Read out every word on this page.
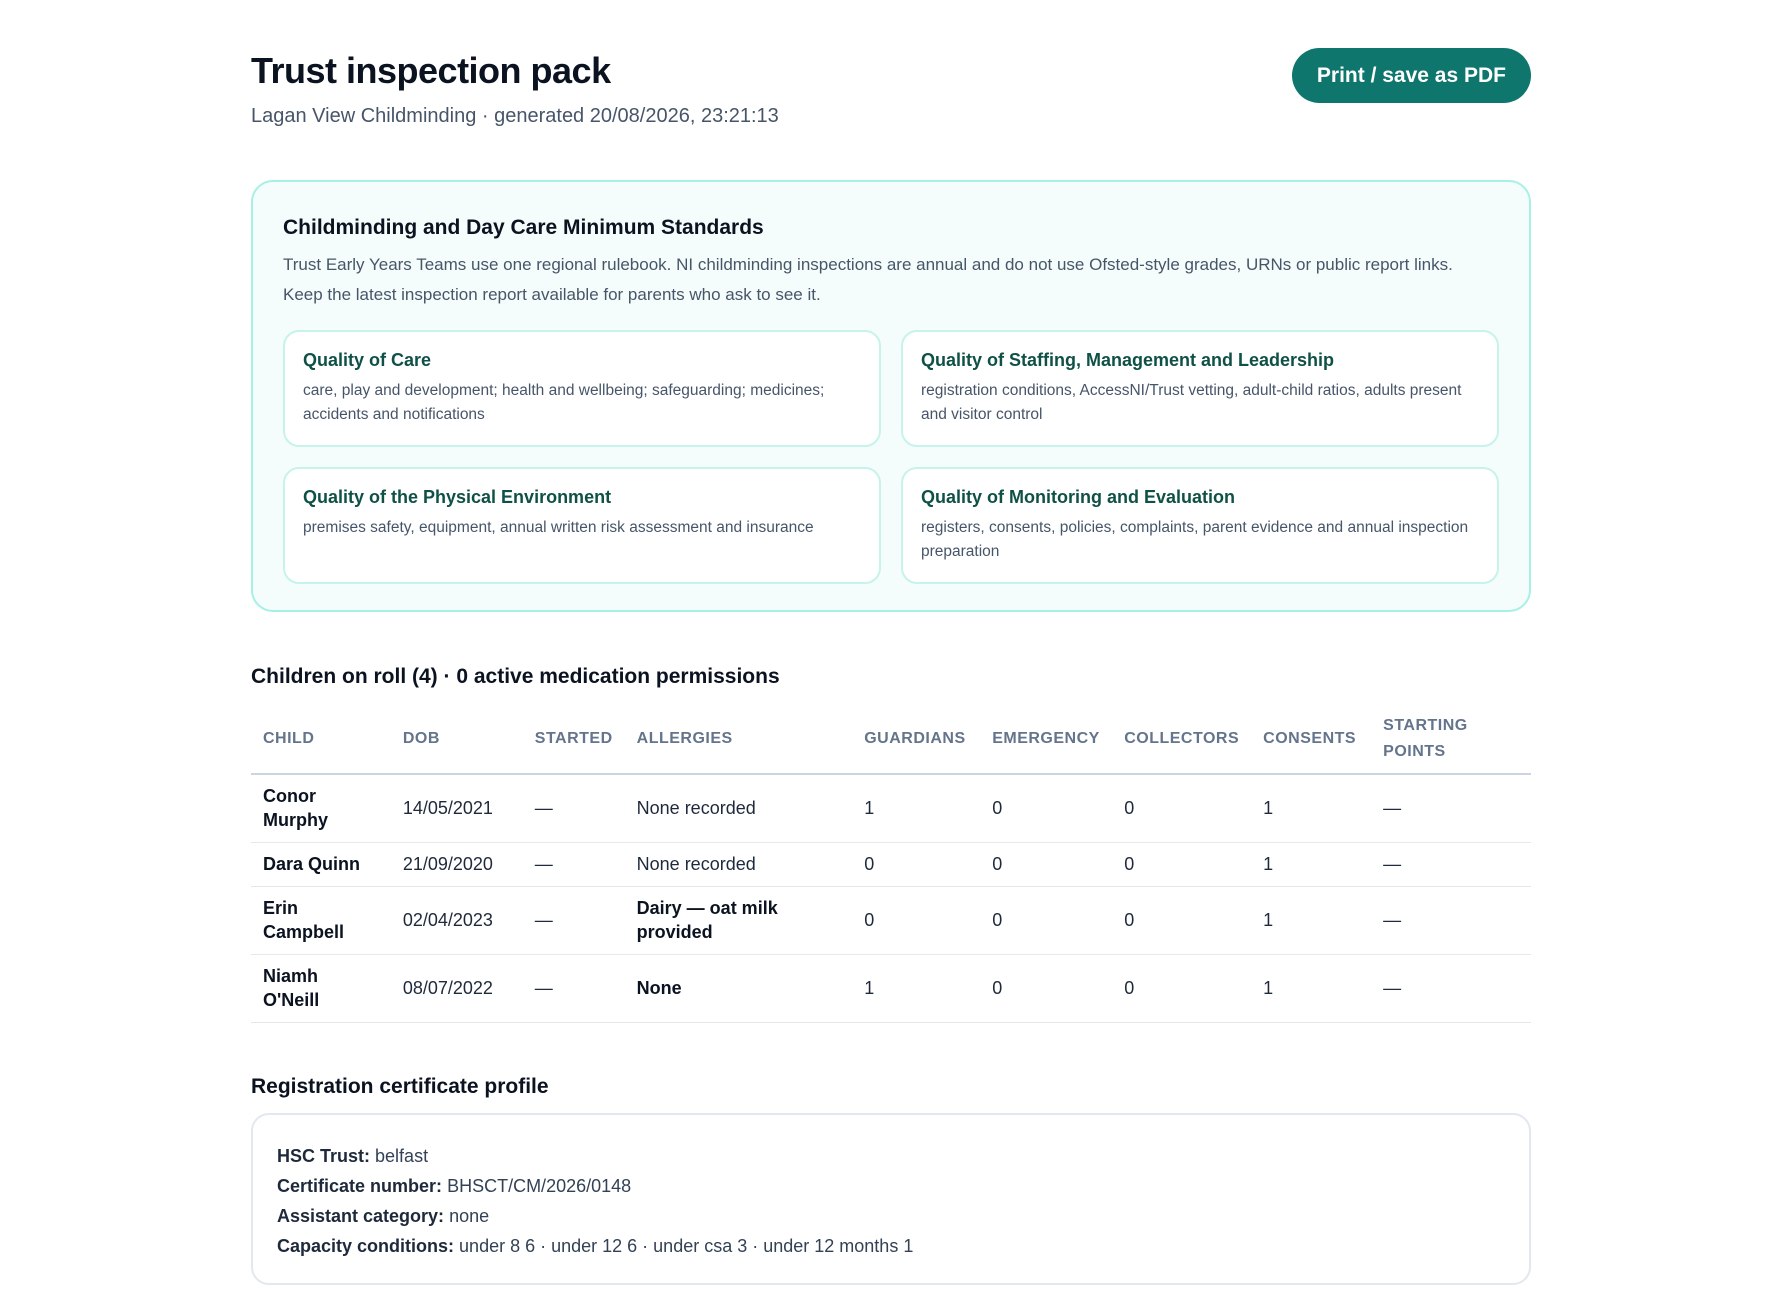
Trust inspection pack
Lagan View Childminding · generated 20/08/2026, 23:21:13
Print / save as PDF
Childminding and Day Care Minimum Standards

Trust Early Years Teams use one regional rulebook. NI childminding inspections are annual and do not use Ofsted-style grades, URNs or public report links. Keep the latest inspection report available for parents who ask to see it.

Quality of Care

care, play and development; health and wellbeing; safeguarding; medicines; accidents and notifications

Quality of Staffing, Management and Leadership

registration conditions, AccessNI/Trust vetting, adult-child ratios, adults present and visitor control

Quality of the Physical Environment

premises safety, equipment, annual written risk assessment and insurance

Quality of Monitoring and Evaluation

registers, consents, policies, complaints, parent evidence and annual inspection preparation

Children on roll (4) · 0 active medication permissions
CHILD	DOB	STARTED	ALLERGIES	GUARDIANS	EMERGENCY	COLLECTORS	CONSENTS	STARTING POINTS
Conor Murphy	14/05/2021	—	None recorded	1	0	0	1	—
Dara Quinn	21/09/2020	—	None recorded	0	0	0	1	—
Erin Campbell	02/04/2023	—	Dairy — oat milk provided	0	0	0	1	—
Niamh O'Neill	08/07/2022	—	None	1	0	0	1	—
Registration certificate profile
HSC Trust: belfast
Certificate number: BHSCT/CM/2026/0148
Assistant category: none
Capacity conditions: under 8 6 · under 12 6 · under csa 3 · under 12 months 1
